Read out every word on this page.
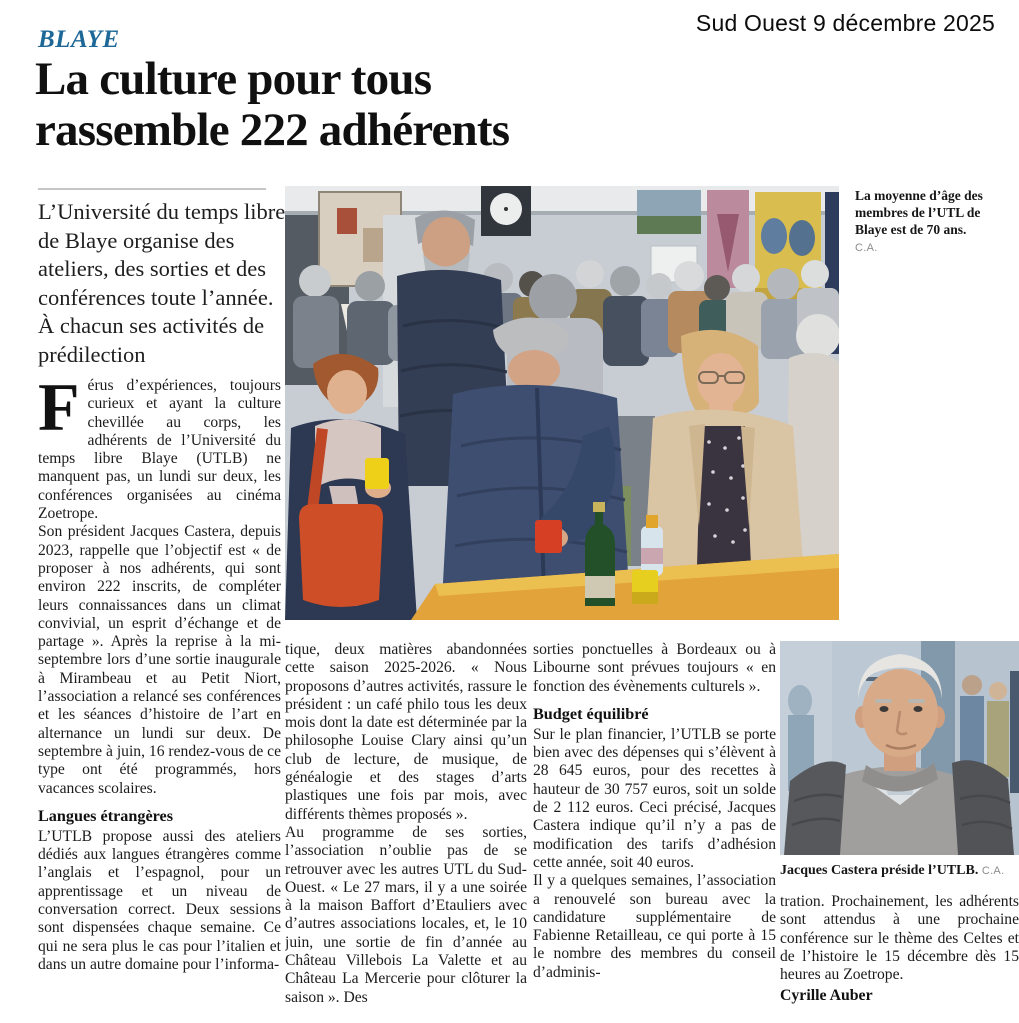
Sud Ouest 9 décembre 2025
BLAYE
La culture pour tous
rassemble 222 adhérents

L’Université du temps libre de Blaye organise des ateliers, des sorties et des conférences toute l’année. À chacun ses activités de prédilection

Férus d’expériences, toujours curieux et ayant la culture chevillée au corps, les adhérents de l’Université du temps libre Blaye (UTLB) ne manquent pas, un lundi sur deux, les conférences organisées au cinéma Zoetrope.

Son président Jacques Castera, depuis 2023, rappelle que l’objectif est « de proposer à nos adhérents, qui sont environ 222 inscrits, de compléter leurs connaissances dans un climat convivial, un esprit d’échange et de partage ». Après la reprise à la mi-septembre lors d’une sortie inaugurale à Mirambeau et au Petit Niort, l’association a relancé ses conférences et les séances d’histoire de l’art en alternance un lundi sur deux. De septembre à juin, 16 rendez-vous de ce type ont été programmés, hors vacances scolaires.

Langues étrangères

L’UTLB propose aussi des ateliers dédiés aux langues étrangères comme l’anglais et l’espagnol, pour un apprentissage et un niveau de conversation correct. Deux sessions sont dispensées chaque semaine. Ce qui ne sera plus le cas pour l’italien et dans un autre domaine pour l’informa-

La moyenne d’âge des membres de l’UTL de Blaye est de 70 ans. C.A.

tique, deux matières abandonnées cette saison 2025-2026. « Nous proposons d’autres activités, rassure le président : un café philo tous les deux mois dont la date est déterminée par la philosophe Louise Clary ainsi qu’un club de lecture, de musique, de généalogie et des stages d’arts plastiques une fois par mois, avec différents thèmes proposés ».

Au programme de ses sorties, l’association n’oublie pas de se retrouver avec les autres UTL du Sud-Ouest. « Le 27 mars, il y a une soirée à la maison Baffort d’Etauliers avec d’autres associations locales, et, le 10 juin, une sortie de fin d’année au Château Villebois La Valette et au Château La Mercerie pour clôturer la saison ». Des

sorties ponctuelles à Bordeaux ou à Libourne sont prévues toujours « en fonction des évènements culturels ».

Budget équilibré

Sur le plan financier, l’UTLB se porte bien avec des dépenses qui s’élèvent à 28 645 euros, pour des recettes à hauteur de 30 757 euros, soit un solde de 2 112 euros. Ceci précisé, Jacques Castera indique qu’il n’y a pas de modification des tarifs d’adhésion cette année, soit 40 euros.

Il y a quelques semaines, l’association a renouvelé son bureau avec la candidature supplémentaire de Fabienne Retailleau, ce qui porte à 15 le nombre des membres du conseil d’adminis-

Jacques Castera préside l’UTLB. C.A.

tration. Prochainement, les adhérents sont attendus à une prochaine conférence sur le thème des Celtes et de l’histoire le 15 décembre dès 15 heures au Zoetrope.

Cyrille Auber
